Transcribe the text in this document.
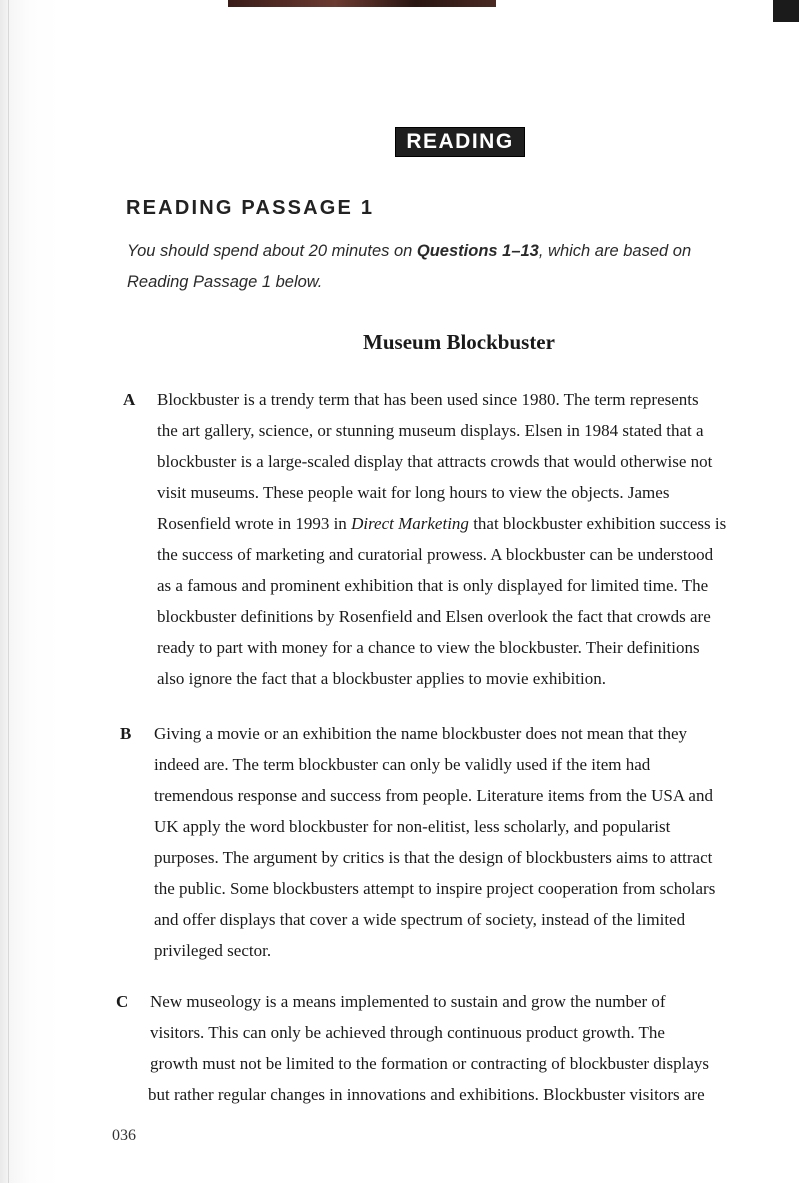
READING
READING PASSAGE 1
You should spend about 20 minutes on Questions 1–13, which are based on
Reading Passage 1 below.
Museum Blockbuster
A Blockbuster is a trendy term that has been used since 1980. The term represents
the art gallery, science, or stunning museum displays. Elsen in 1984 stated that a
blockbuster is a large-scaled display that attracts crowds that would otherwise not
visit museums. These people wait for long hours to view the objects. James
Rosenfield wrote in 1993 in Direct Marketing that blockbuster exhibition success is
the success of marketing and curatorial prowess. A blockbuster can be understood
as a famous and prominent exhibition that is only displayed for limited time. The
blockbuster definitions by Rosenfield and Elsen overlook the fact that crowds are
ready to part with money for a chance to view the blockbuster. Their definitions
also ignore the fact that a blockbuster applies to movie exhibition.
B Giving a movie or an exhibition the name blockbuster does not mean that they
indeed are. The term blockbuster can only be validly used if the item had
tremendous response and success from people. Literature items from the USA and
UK apply the word blockbuster for non-elitist, less scholarly, and popularist
purposes. The argument by critics is that the design of blockbusters aims to attract
the public. Some blockbusters attempt to inspire project cooperation from scholars
and offer displays that cover a wide spectrum of society, instead of the limited
privileged sector.
C New museology is a means implemented to sustain and grow the number of
visitors. This can only be achieved through continuous product growth. The
growth must not be limited to the formation or contracting of blockbuster displays
but rather regular changes in innovations and exhibitions. Blockbuster visitors are
036
